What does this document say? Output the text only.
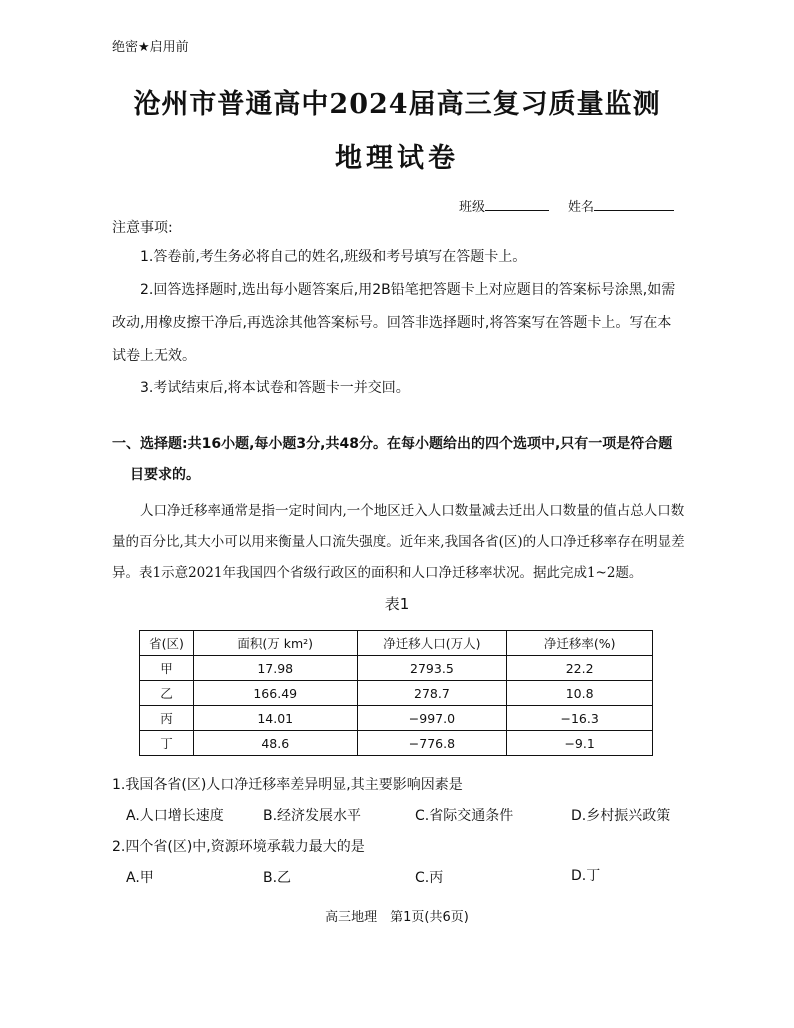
绝密★启用前
沧州市普通高中2024届高三复习质量监测
地理试卷
班级	姓名
注意事项:
1.答卷前,考生务必将自己的姓名,班级和考号填写在答题卡上。
2.回答选择题时,选出每小题答案后,用2B铅笔把答题卡上对应题目的答案标号涂黑,如需改动,用橡皮擦干净后,再选涂其他答案标号。回答非选择题时,将答案写在答题卡上。写在本试卷上无效。
3.考试结束后,将本试卷和答题卡一并交回。
一、选择题:共16小题,每小题3分,共48分。在每小题给出的四个选项中,只有一项是符合题
目要求的。
人口净迁移率通常是指一定时间内,一个地区迁入人口数量减去迁出人口数量的值占总人口数量的百分比,其大小可以用来衡量人口流失强度。近年来,我国各省(区)的人口净迁移率存在明显差异。表1示意2021年我国四个省级行政区的面积和人口净迁移率状况。据此完成1~2题。
表1
省(区)	面积(万 km²)	净迁移人口(万人)	净迁移率(%)
甲	17.98	2793.5	22.2
乙	166.49	278.7	10.8
丙	14.01	−997.0	−16.3
丁	48.6	−776.8	−9.1
1.我国各省(区)人口净迁移率差异明显,其主要影响因素是
A.人口增长速度	B.经济发展水平	C.省际交通条件	D.乡村振兴政策
2.四个省(区)中,资源环境承载力最大的是
A.甲	B.乙	C.丙	D.丁
高三地理　第1页(共6页)
